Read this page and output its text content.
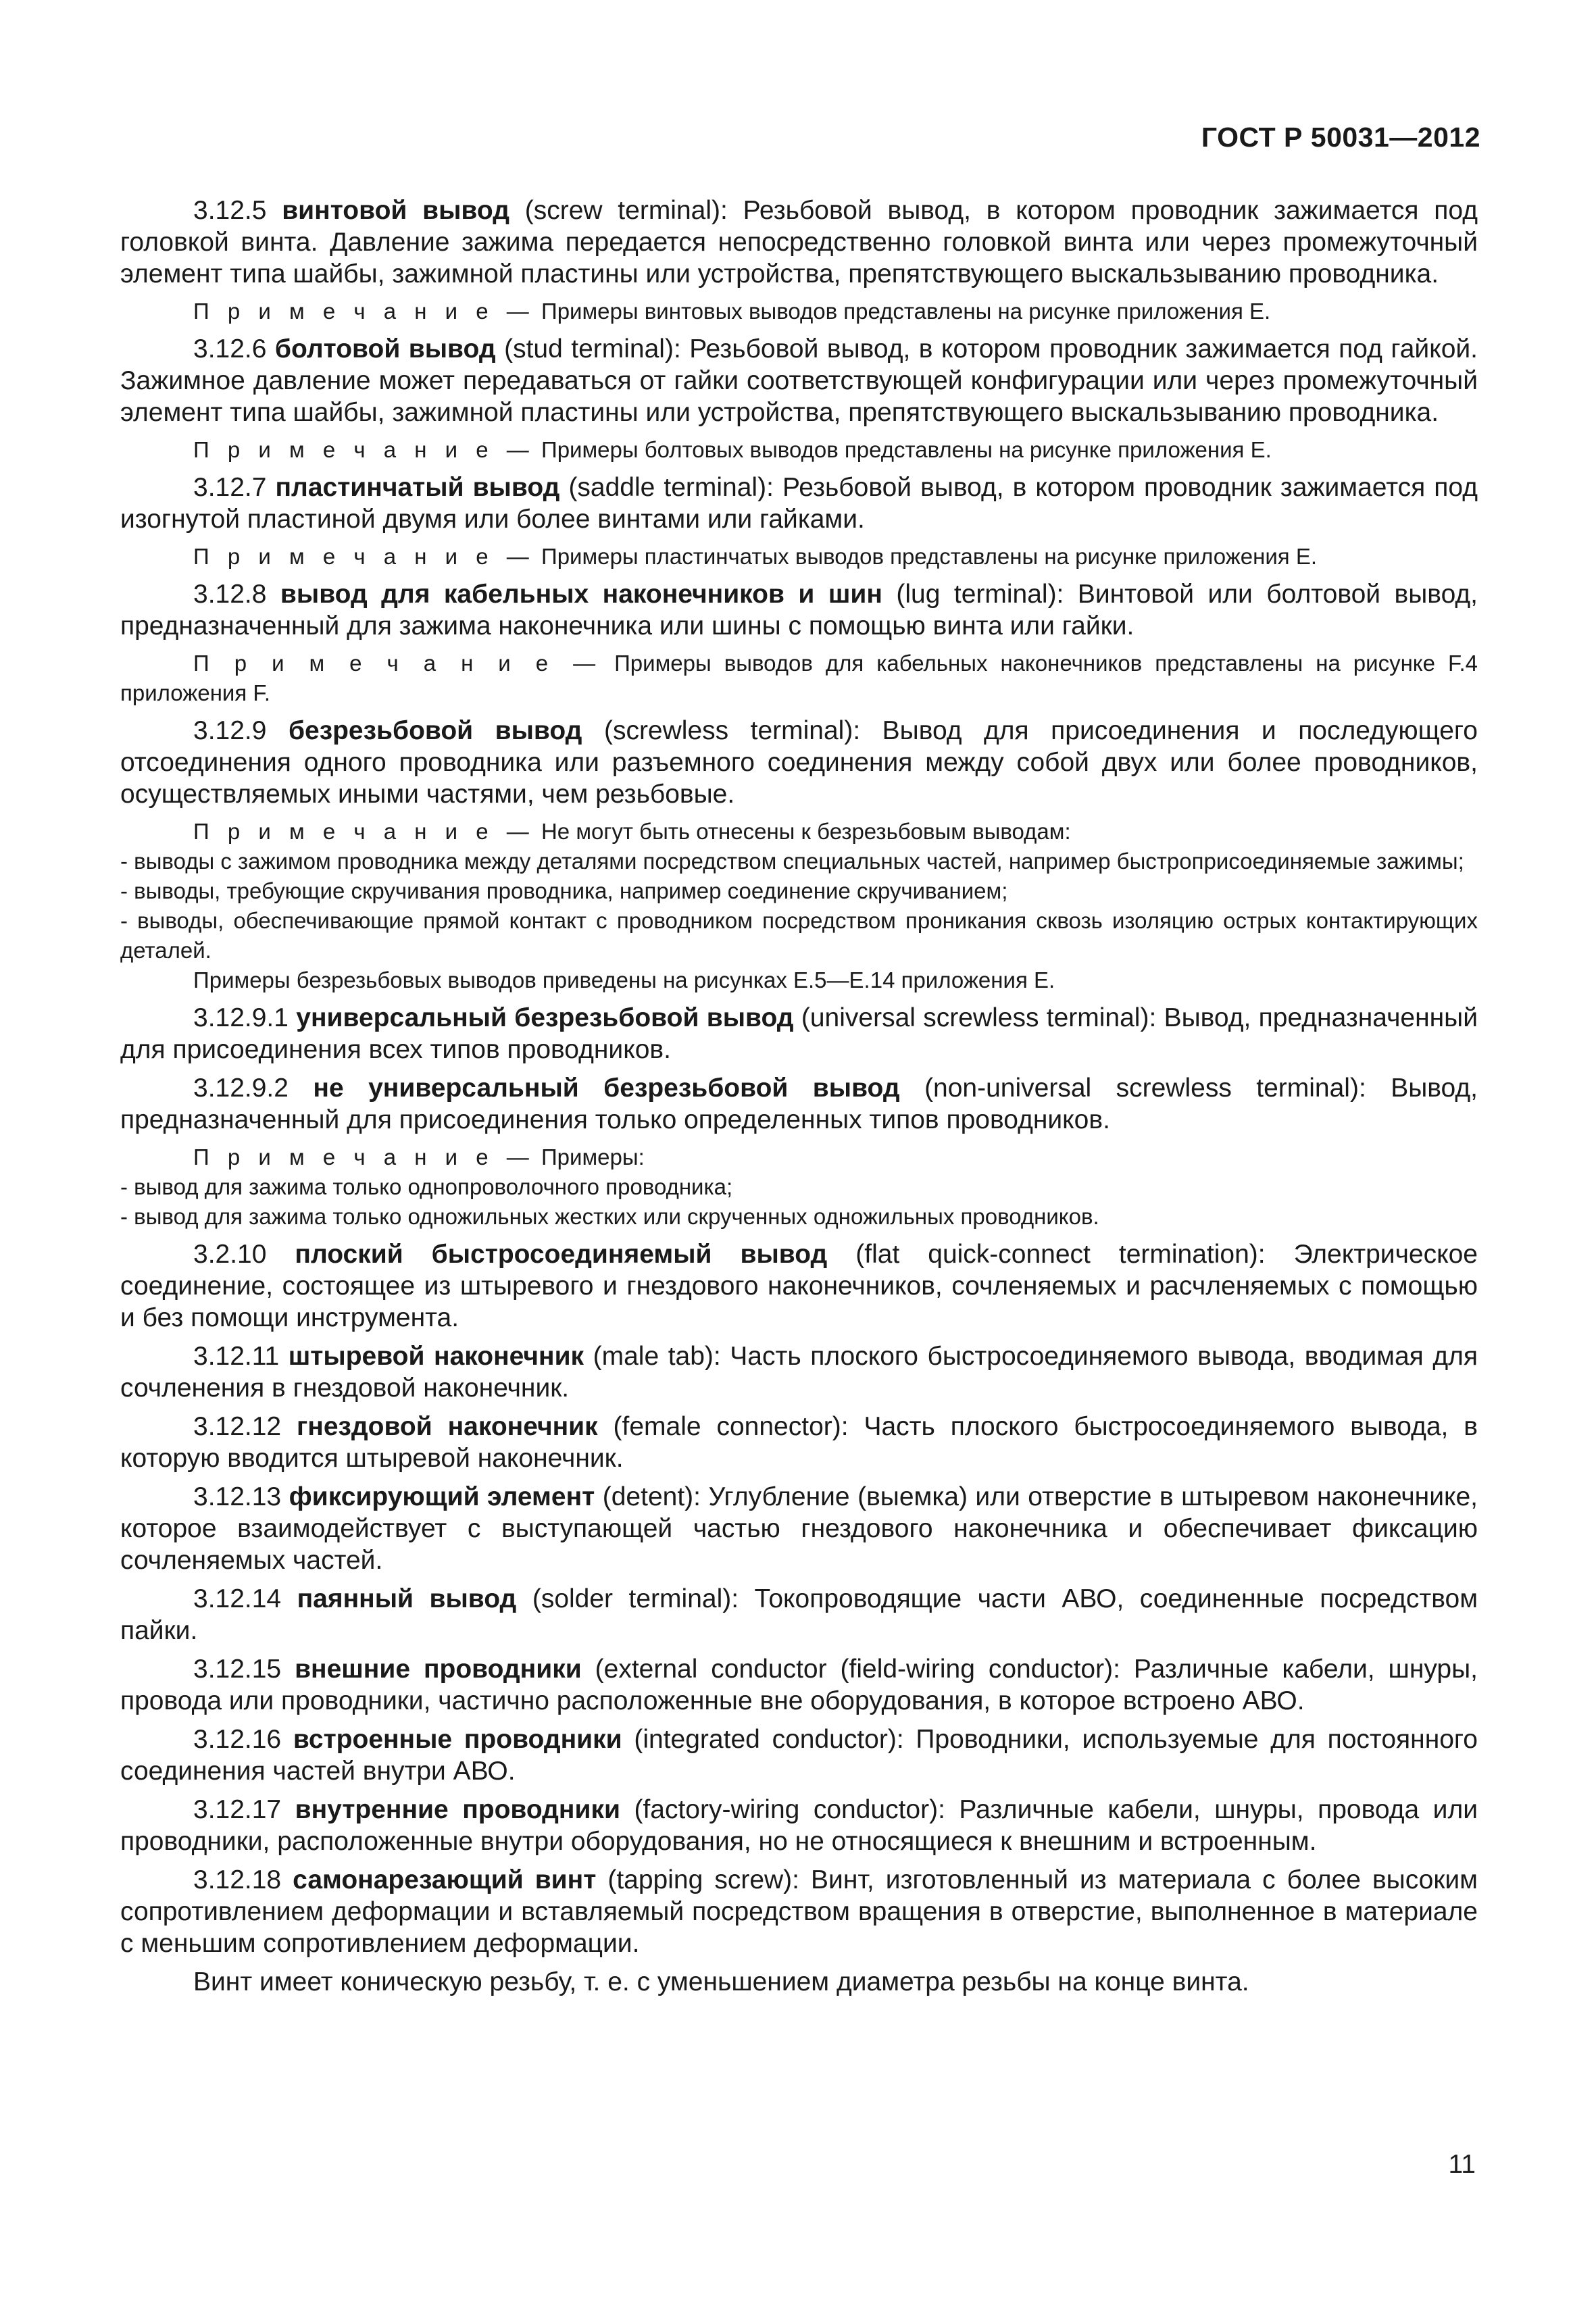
ГОСТ Р 50031—2012

3.12.5 винтовой вывод (screw terminal): Резьбовой вывод, в котором проводник зажимается под головкой винта. Давление зажима передается непосредственно головкой винта или через промежуточный элемент типа шайбы, зажимной пластины или устройства, препятствующего выскальзыванию проводника.

П р и м е ч а н и е — Примеры винтовых выводов представлены на рисунке приложения E.

3.12.6 болтовой вывод (stud terminal): Резьбовой вывод, в котором проводник зажимается под гайкой. Зажимное давление может передаваться от гайки соответствующей конфигурации или через промежуточный элемент типа шайбы, зажимной пластины или устройства, препятствующего выскальзыванию проводника.

П р и м е ч а н и е — Примеры болтовых выводов представлены на рисунке приложения E.

3.12.7 пластинчатый вывод (saddle terminal): Резьбовой вывод, в котором проводник зажимается под изогнутой пластиной двумя или более винтами или гайками.

П р и м е ч а н и е — Примеры пластинчатых выводов представлены на рисунке приложения E.

3.12.8 вывод для кабельных наконечников и шин (lug terminal): Винтовой или болтовой вывод, предназначенный для зажима наконечника или шины с помощью винта или гайки.

П р и м е ч а н и е — Примеры выводов для кабельных наконечников представлены на рисунке F.4 приложения F.

3.12.9 безрезьбовой вывод (screwless terminal): Вывод для присоединения и последующего отсоединения одного проводника или разъемного соединения между собой двух или более проводников, осуществляемых иными частями, чем резьбовые.

П р и м е ч а н и е — Не могут быть отнесены к безрезьбовым выводам:
- выводы с зажимом проводника между деталями посредством специальных частей, например быстроприсоединяемые зажимы;
- выводы, требующие скручивания проводника, например соединение скручиванием;
- выводы, обеспечивающие прямой контакт с проводником посредством проникания сквозь изоляцию острых контактирующих деталей.
Примеры безрезьбовых выводов приведены на рисунках E.5—E.14 приложения E.

3.12.9.1 универсальный безрезьбовой вывод (universal screwless terminal): Вывод, предназначенный для присоединения всех типов проводников.

3.12.9.2 не универсальный безрезьбовой вывод (non-universal screwless terminal): Вывод, предназначенный для присоединения только определенных типов проводников.

П р и м е ч а н и е — Примеры:
- вывод для зажима только однопроволочного проводника;
- вывод для зажима только одножильных жестких или скрученных одножильных проводников.

3.2.10 плоский быстросоединяемый вывод (flat quick-connect termination): Электрическое соединение, состоящее из штыревого и гнездового наконечников, сочленяемых и расчленяемых с помощью и без помощи инструмента.

3.12.11 штыревой наконечник (male tab): Часть плоского быстросоединяемого вывода, вводимая для сочленения в гнездовой наконечник.

3.12.12 гнездовой наконечник (female connector): Часть плоского быстросоединяемого вывода, в которую вводится штыревой наконечник.

3.12.13 фиксирующий элемент (detent): Углубление (выемка) или отверстие в штыревом наконечнике, которое взаимодействует с выступающей частью гнездового наконечника и обеспечивает фиксацию сочленяемых частей.

3.12.14 паянный вывод (solder terminal): Токопроводящие части АВО, соединенные посредством пайки.

3.12.15 внешние проводники (external conductor (field-wiring conductor): Различные кабели, шнуры, провода или проводники, частично расположенные вне оборудования, в которое встроено АВО.

3.12.16 встроенные проводники (integrated conductor): Проводники, используемые для постоянного соединения частей внутри АВО.

3.12.17 внутренние проводники (factory-wiring conductor): Различные кабели, шнуры, провода или проводники, расположенные внутри оборудования, но не относящиеся к внешним и встроенным.

3.12.18 самонарезающий винт (tapping screw): Винт, изготовленный из материала с более высоким сопротивлением деформации и вставляемый посредством вращения в отверстие, выполненное в материале с меньшим сопротивлением деформации.

Винт имеет коническую резьбу, т. е. с уменьшением диаметра резьбы на конце винта.

11
